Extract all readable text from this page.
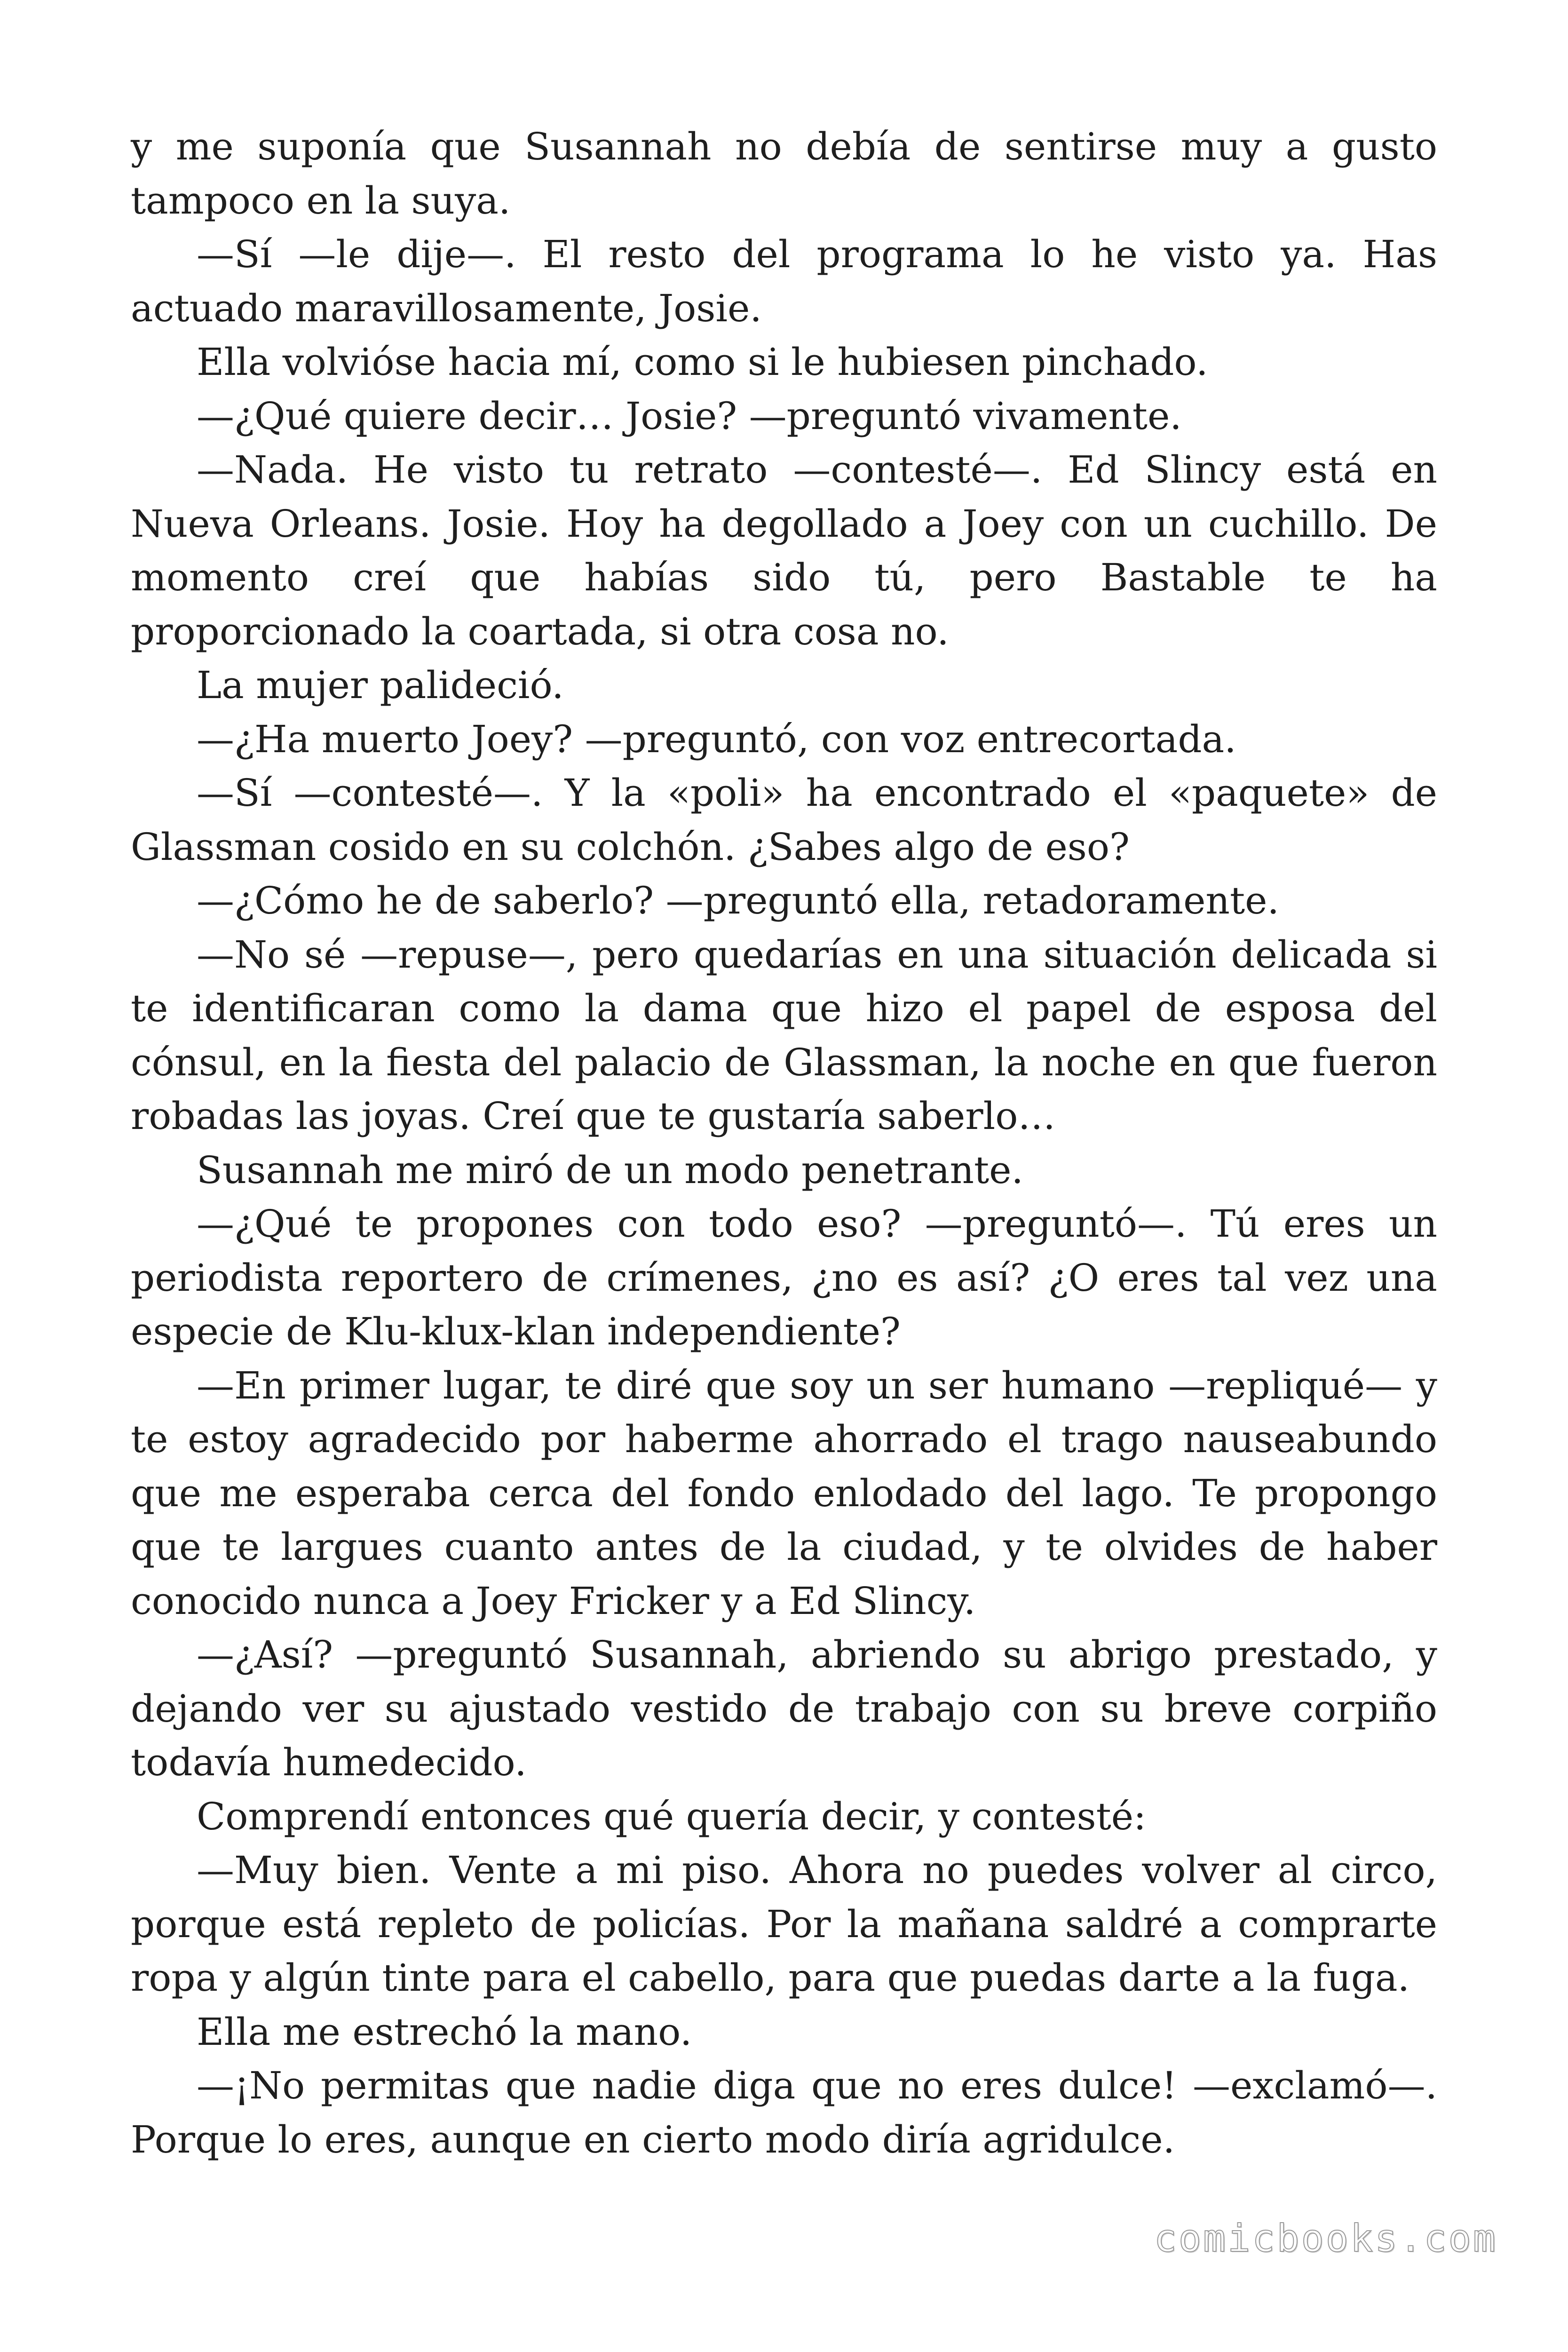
y me suponía que Susannah no debía de sentirse muy a gusto tampoco en la suya.

—Sí —le dije—. El resto del programa lo he visto ya. Has actuado maravillosamente, Josie.

Ella volvióse hacia mí, como si le hubiesen pinchado.

—¿Qué quiere decir… Josie? —preguntó vivamente.

—Nada. He visto tu retrato —contesté—. Ed Slincy está en Nueva Orleans. Josie. Hoy ha degollado a Joey con un cuchillo. De momento creí que habías sido tú, pero Bastable te ha proporcionado la coartada, si otra cosa no.

La mujer palideció.

—¿Ha muerto Joey? —preguntó, con voz entrecortada.

—Sí —contesté—. Y la «poli» ha encontrado el «paquete» de Glassman cosido en su colchón. ¿Sabes algo de eso?

—¿Cómo he de saberlo? —preguntó ella, retadoramente.

—No sé —repuse—, pero quedarías en una situación delicada si te identificaran como la dama que hizo el papel de esposa del cónsul, en la fiesta del palacio de Glassman, la noche en que fueron robadas las joyas. Creí que te gustaría saberlo…

Susannah me miró de un modo penetrante.

—¿Qué te propones con todo eso? —preguntó—. Tú eres un periodista reportero de crímenes, ¿no es así? ¿O eres tal vez una especie de Klu-klux-klan independiente?

—En primer lugar, te diré que soy un ser humano —repliqué— y te estoy agradecido por haberme ahorrado el trago nauseabundo que me esperaba cerca del fondo enlodado del lago. Te propongo que te largues cuanto antes de la ciudad, y te olvides de haber conocido nunca a Joey Fricker y a Ed Slincy.

—¿Así? —preguntó Susannah, abriendo su abrigo prestado, y dejando ver su ajustado vestido de trabajo con su breve corpiño todavía humedecido.

Comprendí entonces qué quería decir, y contesté:

—Muy bien. Vente a mi piso. Ahora no puedes volver al circo, porque está repleto de policías. Por la mañana saldré a comprarte ropa y algún tinte para el cabello, para que puedas darte a la fuga.

Ella me estrechó la mano.

—¡No permitas que nadie diga que no eres dulce! —exclamó—. Porque lo eres, aunque en cierto modo diría agridulce.

comicbooks.com
